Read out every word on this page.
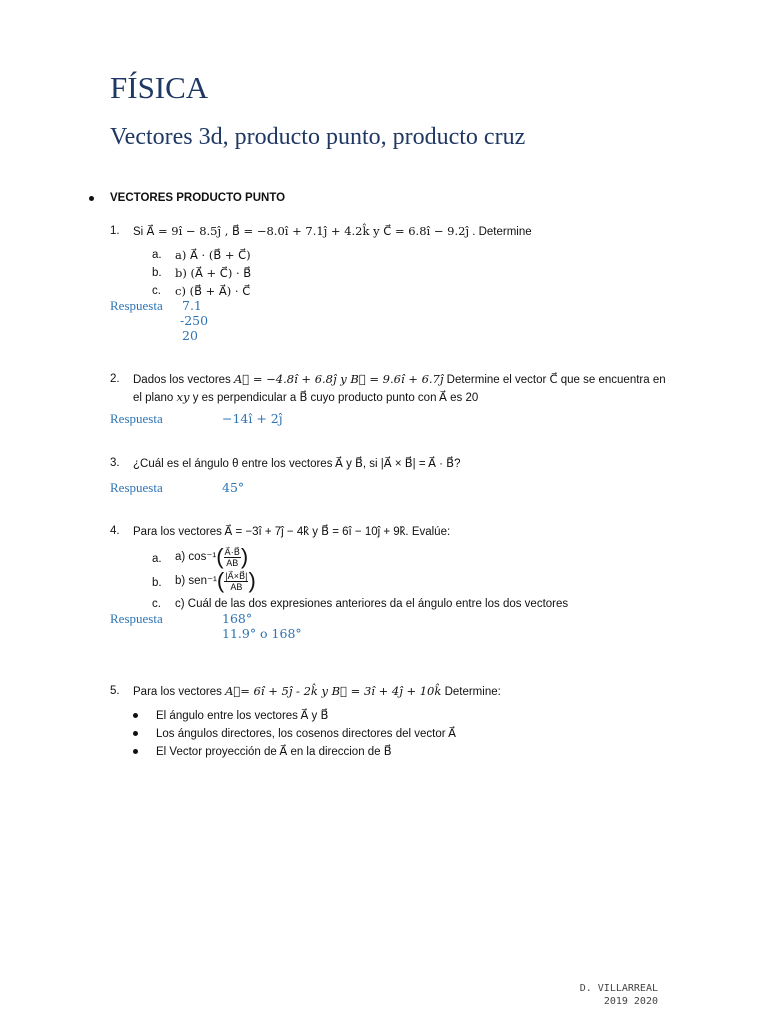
FÍSICA
Vectores 3d, producto punto, producto cruz
VECTORES PRODUCTO PUNTO
1. Si A⃗ = 9î − 8.5ĵ , B⃗ = −8.0î + 7.1ĵ + 4.2k̂ y C⃗ = 6.8î − 9.2ĵ . Determine
a. a) A⃗ · (B⃗ + C⃗)
b. b) (A⃗ + C⃗) · B⃗
c. c) (B⃗ + A⃗) · C⃗
Respuesta 7.1
-250
20
2. Dados los vectores A⃗ = −4.8î + 6.8ĵ y B⃗ = 9.6î + 6.7ĵ Determine el vector C⃗ que se encuentra en
el plano xy y es perpendicular a B⃗ cuyo producto punto con A⃗ es 20
Respuesta	−14î + 2ĵ
3. ¿Cuál es el ángulo θ entre los vectores A⃗ y B⃗, si |A⃗ × B⃗| = A⃗ · B⃗?
Respuesta	45°
4. Para los vectores A⃗ = −3î + 7ĵ − 4k̂ y B⃗ = 6î − 10ĵ + 9k̂. Evalúe:
a. a) $\cos^{-1}( \frac{A⃗\cdot B⃗}{AB}$ )
b. b) $sen^{-1}( \frac{|A⃗\times B⃗|}{AB}$ )
c. c) Cuál de las dos expresiones anteriores da el ángulo entre los dos vectores
Respuesta	168°
11.9° o 168°
5. Para los vectores A⃗= 6î + 5ĵ - 2k̂ y B⃗ = 3î + 4ĵ + 10k̂ Determine:
El ángulo entre los vectores A⃗ y B⃗
Los ángulos directores, los cosenos directores del vector A⃗
El Vector proyección de A⃗ en la direccion de B⃗
D. VILLARREAL
2019 2020
